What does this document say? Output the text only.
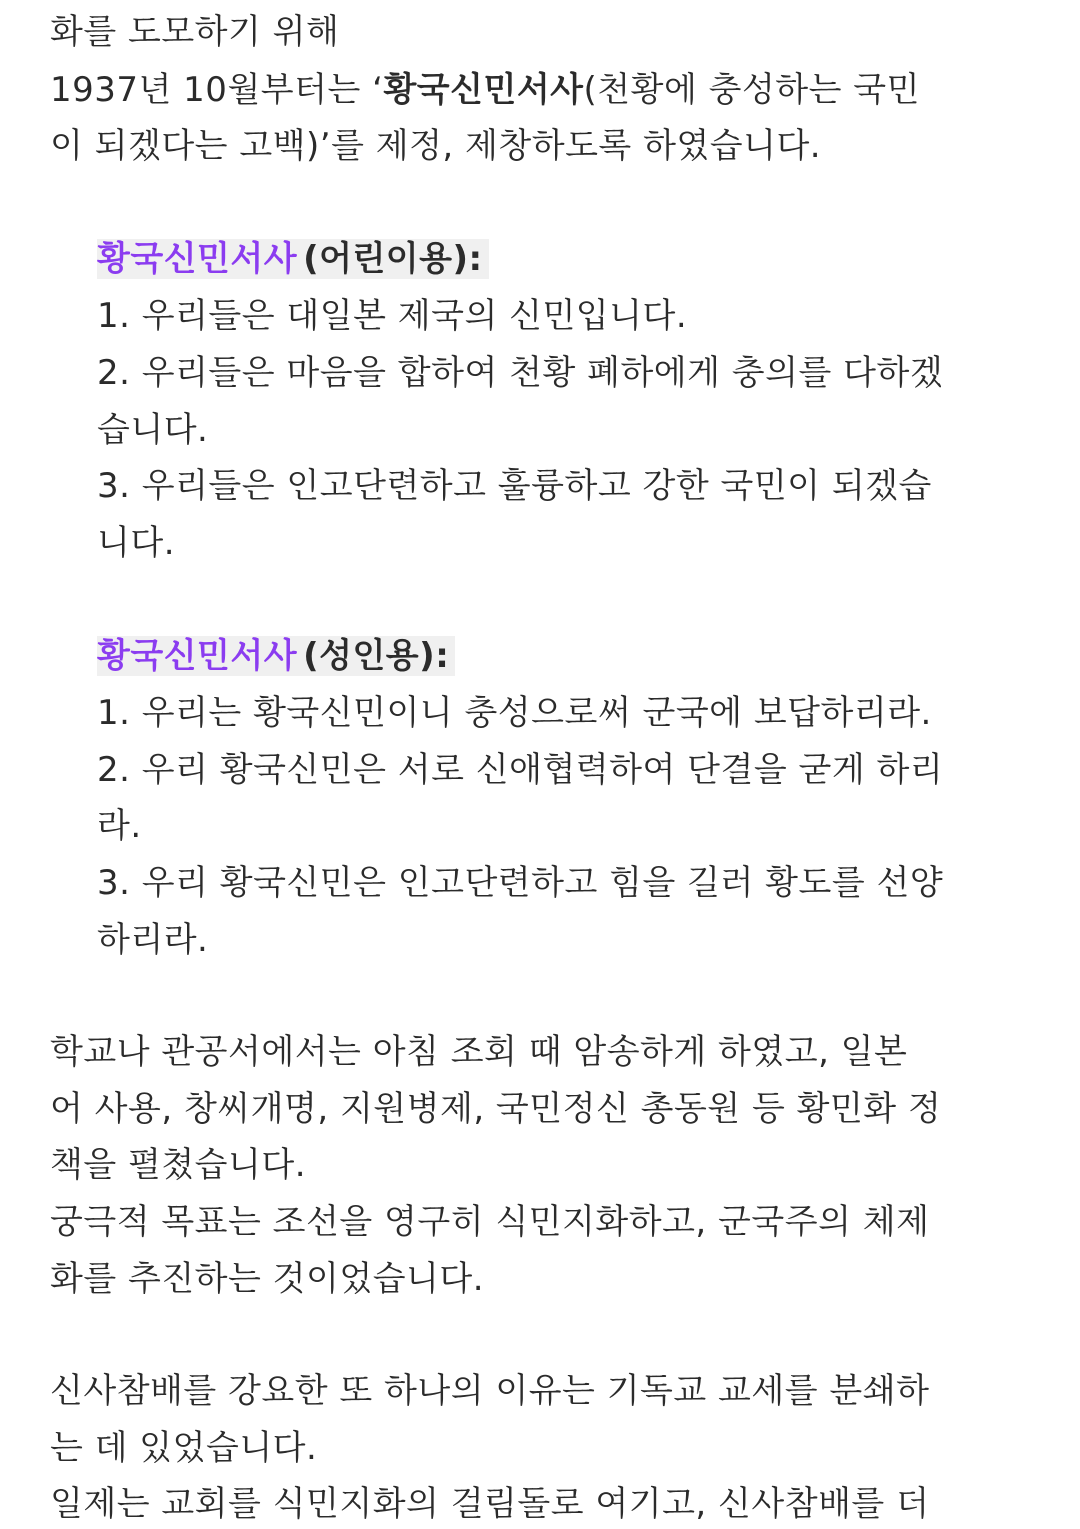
화를 도모하기 위해
1937년 10월부터는 ‘황국신민서사(천황에 충성하는 국민
이 되겠다는 고백)’를 제정, 제창하도록 하였습니다.
황국신민서사 (어린이용):
1. 우리들은 대일본 제국의 신민입니다.
2. 우리들은 마음을 합하여 천황 폐하에게 충의를 다하겠
습니다.
3. 우리들은 인고단련하고 훌륭하고 강한 국민이 되겠습
니다.
황국신민서사 (성인용):
1. 우리는 황국신민이니 충성으로써 군국에 보답하리라.
2. 우리 황국신민은 서로 신애협력하여 단결을 굳게 하리
라.
3. 우리 황국신민은 인고단련하고 힘을 길러 황도를 선양
하리라.
학교나 관공서에서는 아침 조회 때 암송하게 하였고, 일본
어 사용, 창씨개명, 지원병제, 국민정신 총동원 등 황민화 정
책을 펼쳤습니다.
궁극적 목표는 조선을 영구히 식민지화하고, 군국주의 체제
화를 추진하는 것이었습니다.
신사참배를 강요한 또 하나의 이유는 기독교 교세를 분쇄하
는 데 있었습니다.
일제는 교회를 식민지화의 걸림돌로 여기고, 신사참배를 더
